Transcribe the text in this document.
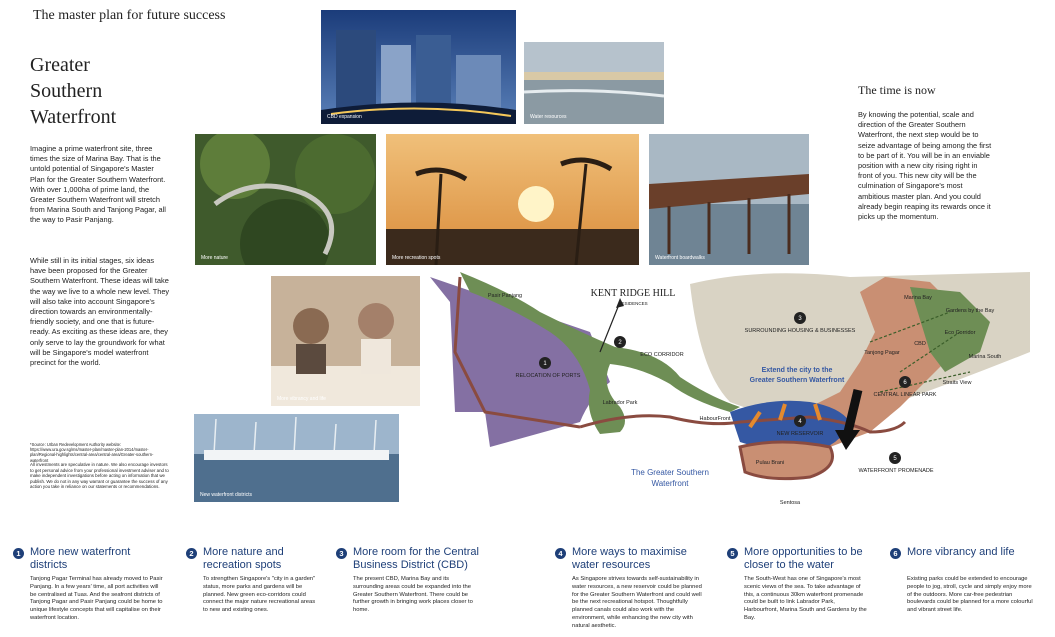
The master plan for future success
Greater
Southern
Waterfront
Imagine a prime waterfront site, three times the size of Marina Bay. That is the untold potential of Singapore's Master Plan for the Greater Southern Waterfront. With over 1,000ha of prime land, the Greater Southern Waterfront will stretch from Marina South and Tanjong Pagar, all the way to Pasir Panjang.
While still in its initial stages, six ideas have been proposed for the Greater Southern Waterfront. These ideas will take the way we live to a whole new level. They will also take into account Singapore's direction towards an environmentally-friendly society, and one that is future-ready. As exciting as these ideas are, they only serve to lay the groundwork for what will be Singapore's model waterfront precinct for the world.
*Source: Urban Redevelopment Authority website: https://www.ura.gov.sg/ms/master-plan/master-plan-2014/master-plan/Regional-highlights/central-area/central-area/Greater-southern-waterfront
All investments are speculative in nature. We also encourage investors to get personal advice from your professional investment adviser and to make independent investigations before acting on information that we publish. We do not in any way warrant or guarantee the success of any action you take in reliance on our statements or recommendations.
CBD expansion	Water resources
More nature	More recreation spots	Waterfront boardwalks
More vibrancy and life
New waterfront districts
The time is now
By knowing the potential, scale and direction of the Greater Southern Waterfront, the next step would be to seize advantage of being among the first to be part of it. You will be in an enviable position with a new city rising right in front of you. This new city will be the culmination of Singapore's most ambitious master plan. And you could already begin reaping its rewards once it picks up the momentum.
KENT RIDGE HILL
RESIDENCES
Pasir Panjang
1
RELOCATION OF PORTS
2
ECO CORRIDOR
3
SURROUNDING HOUSING & BUSINESSES
Extend the city to the
Greater Southern Waterfront
Labrador Park
HabourFront	4
NEW RESERVOIR
Pulau Brani
Sentosa
The Greater Southern
Waterfront
5
WATERFRONT PROMENADE
6
CENTRAL LINEAR PARK
Tanjong Pagar
CBD
Marina Bay
Gardens by the Bay
Eco Corridor
Marina South
Straits View
1 More new waterfront districts
Tanjong Pagar Terminal has already moved to Pasir Panjang. In a few years' time, all port activities will be centralised at Tuas. And the seafront districts of Tanjong Pagar and Pasir Panjang could be home to unique lifestyle concepts that will capitalise on their waterfront location.
2 More nature and recreation spots
To strengthen Singapore's "city in a garden" status, more parks and gardens will be planned. New green eco-corridors could connect the major nature recreational areas to new and existing ones.
3 More room for the Central Business District (CBD)
The present CBD, Marina Bay and its surrounding areas could be expanded into the Greater Southern Waterfront. There could be further growth in bringing work places closer to home.
4 More ways to maximise water resources
As Singapore strives towards self-sustainability in water resources, a new reservoir could be planned for the Greater Southern Waterfront and could well be the next recreational hotspot. Thoughtfully planned canals could also work with the environment, while enhancing the new city with natural aesthetic.
5 More opportunities to be closer to the water
The South-West has one of Singapore's most scenic views of the sea. To take advantage of this, a continuous 30km waterfront promenade could be built to link Labrador Park, Harbourfront, Marina South and Gardens by the Bay.
6 More vibrancy and life
Existing parks could be extended to encourage people to jog, stroll, cycle and simply enjoy more of the outdoors. More car-free pedestrian boulevards could be planned for a more colourful and vibrant street life.
